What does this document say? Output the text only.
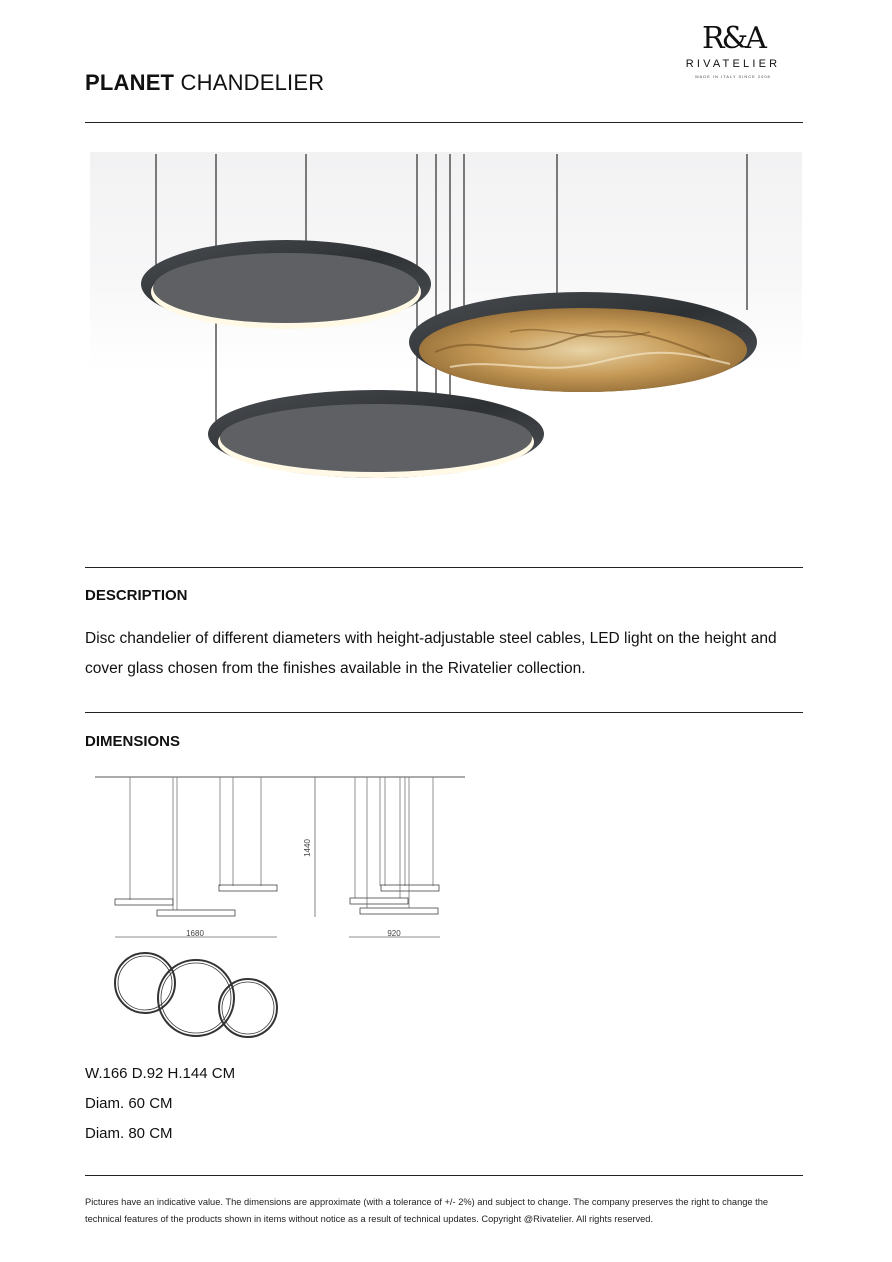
PLANET CHANDELIER
R&A
RIVATELIER
MADE IN ITALY SINCE 2008
DESCRIPTION
Disc chandelier of different diameters with height-adjustable steel cables, LED light on the height and cover glass chosen from the finishes available in the Rivatelier collection.
DIMENSIONS
1440
1680	920
W.166 D.92 H.144 CM
Diam. 60 CM
Diam. 80 CM
Pictures have an indicative value. The dimensions are approximate (with a tolerance of +/- 2%) and subject to change. The company preserves the right to change the technical features of the products shown in items without notice as a result of technical updates. Copyright @Rivatelier. All rights reserved.
